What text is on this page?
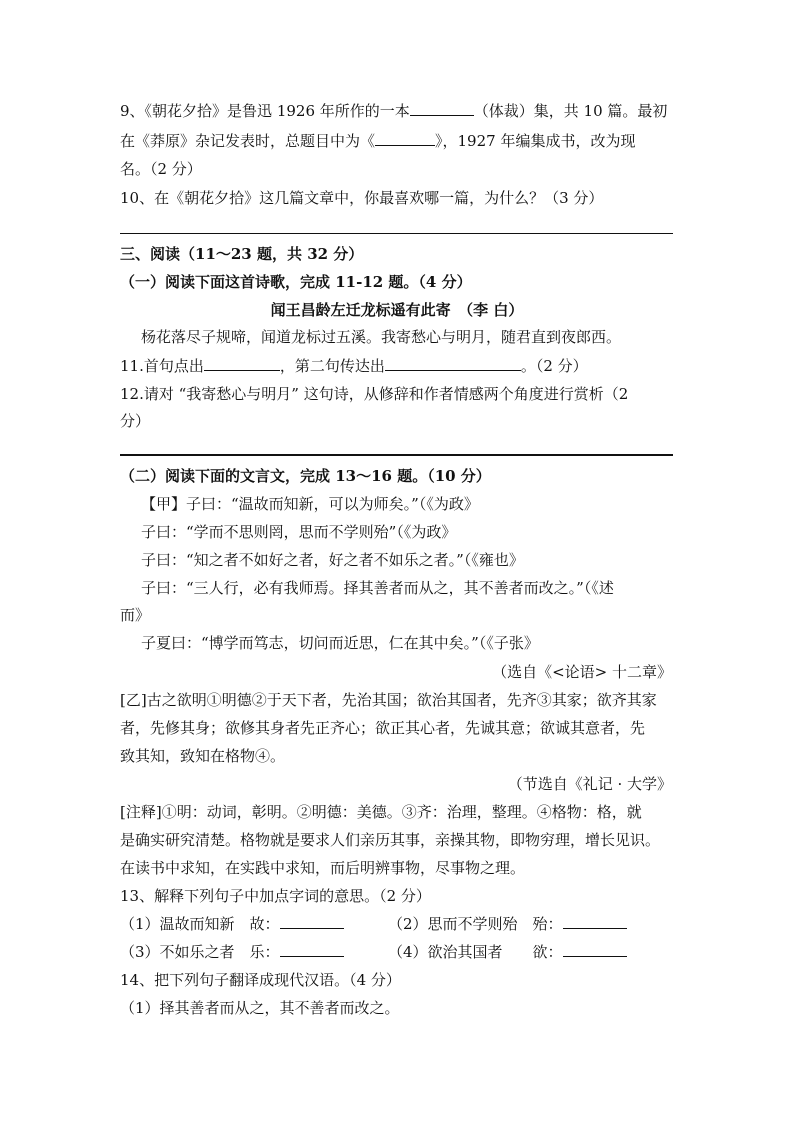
9、《朝花夕拾》是鲁迅 1926 年所作的一本	（体裁）集，共 10 篇。最初
在《莽原》杂记发表时，总题目中为《	》，1927 年编集成书，改为现
名。（2 分）
10、在《朝花夕拾》这几篇文章中，你最喜欢哪一篇，为什么？（3 分）
三、阅读（11～23 题，共 32 分）
（一）阅读下面这首诗歌，完成 11-12 题。（4 分）
闻王昌龄左迁龙标遥有此寄　（李 白）
杨花落尽子规啼，闻道龙标过五溪。我寄愁心与明月，随君直到夜郎西。
11.首句点出	，第二句传达出	。（2 分）
12.请对 “我寄愁心与明月” 这句诗，从修辞和作者情感两个角度进行赏析（2
分）
（二）阅读下面的文言文，完成 13～16 题。（10 分）
【甲】子曰：“温故而知新，可以为师矣。”（《为政》
子曰：“学而不思则罔，思而不学则殆”（《为政》
子曰：“知之者不如好之者，好之者不如乐之者。”（《雍也》
子曰：“三人行，必有我师焉。择其善者而从之，其不善者而改之。”（《述
而》
子夏曰：“博学而笃志，切问而近思，仁在其中矣。”（《子张》
（选自《<论语> 十二章》
[乙]古之欲明①明德②于天下者，先治其国；欲治其国者，先齐③其家；欲齐其家
者，先修其身；欲修其身者先正齐心；欲正其心者，先诚其意；欲诚其意者，先
致其知，致知在格物④。
（节选自《礼记 · 大学》
[注释]①明：动词，彰明。②明德：美德。③齐：治理，整理。④格物：格，就
是确实研究清楚。格物就是要求人们亲历其事，亲操其物，即物穷理，增长见识。
在读书中求知，在实践中求知，而后明辨事物，尽事物之理。
13、解释下列句子中加点字词的意思。（2 分）
（1）温故而知新　故：	（2）思而不学则殆　殆：
（3）不如乐之者　乐：	（4）欲治其国者　　欲：
14、把下列句子翻译成现代汉语。（4 分）
（1）择其善者而从之，其不善者而改之。
